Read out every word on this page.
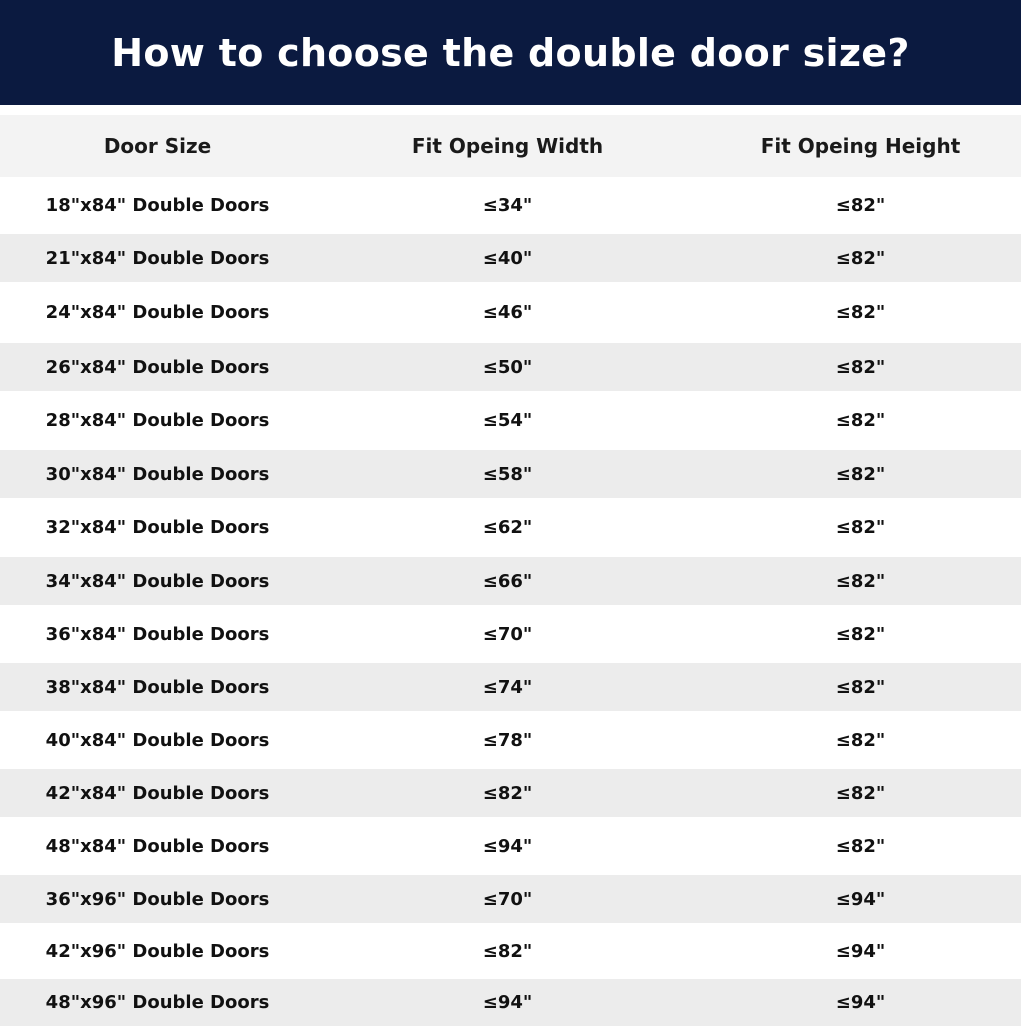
How to choose the double door size?
Door Size	Fit Opeing Width	Fit Opeing Height
18"x84" Double Doors	≤34"	≤82"
21"x84" Double Doors	≤40"	≤82"
24"x84" Double Doors	≤46"	≤82"
26"x84" Double Doors	≤50"	≤82"
28"x84" Double Doors	≤54"	≤82"
30"x84" Double Doors	≤58"	≤82"
32"x84" Double Doors	≤62"	≤82"
34"x84" Double Doors	≤66"	≤82"
36"x84" Double Doors	≤70"	≤82"
38"x84" Double Doors	≤74"	≤82"
40"x84" Double Doors	≤78"	≤82"
42"x84" Double Doors	≤82"	≤82"
48"x84" Double Doors	≤94"	≤82"
36"x96" Double Doors	≤70"	≤94"
42"x96" Double Doors	≤82"	≤94"
48"x96" Double Doors	≤94"	≤94"
